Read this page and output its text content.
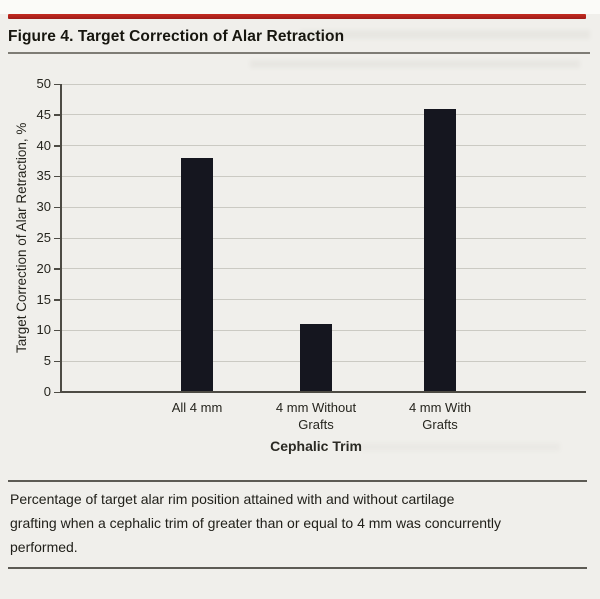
Figure 4. Target Correction of Alar Retraction
Target Correction of Alar Retraction, %
0
5
10
15
20
25
30
35
40
45
50
All 4 mm	4 mm Without Grafts
4 mm With Grafts
Cephalic Trim
Percentage of target alar rim position attained with and without cartilage
grafting when a cephalic trim of greater than or equal to 4 mm was concurrently
performed.
